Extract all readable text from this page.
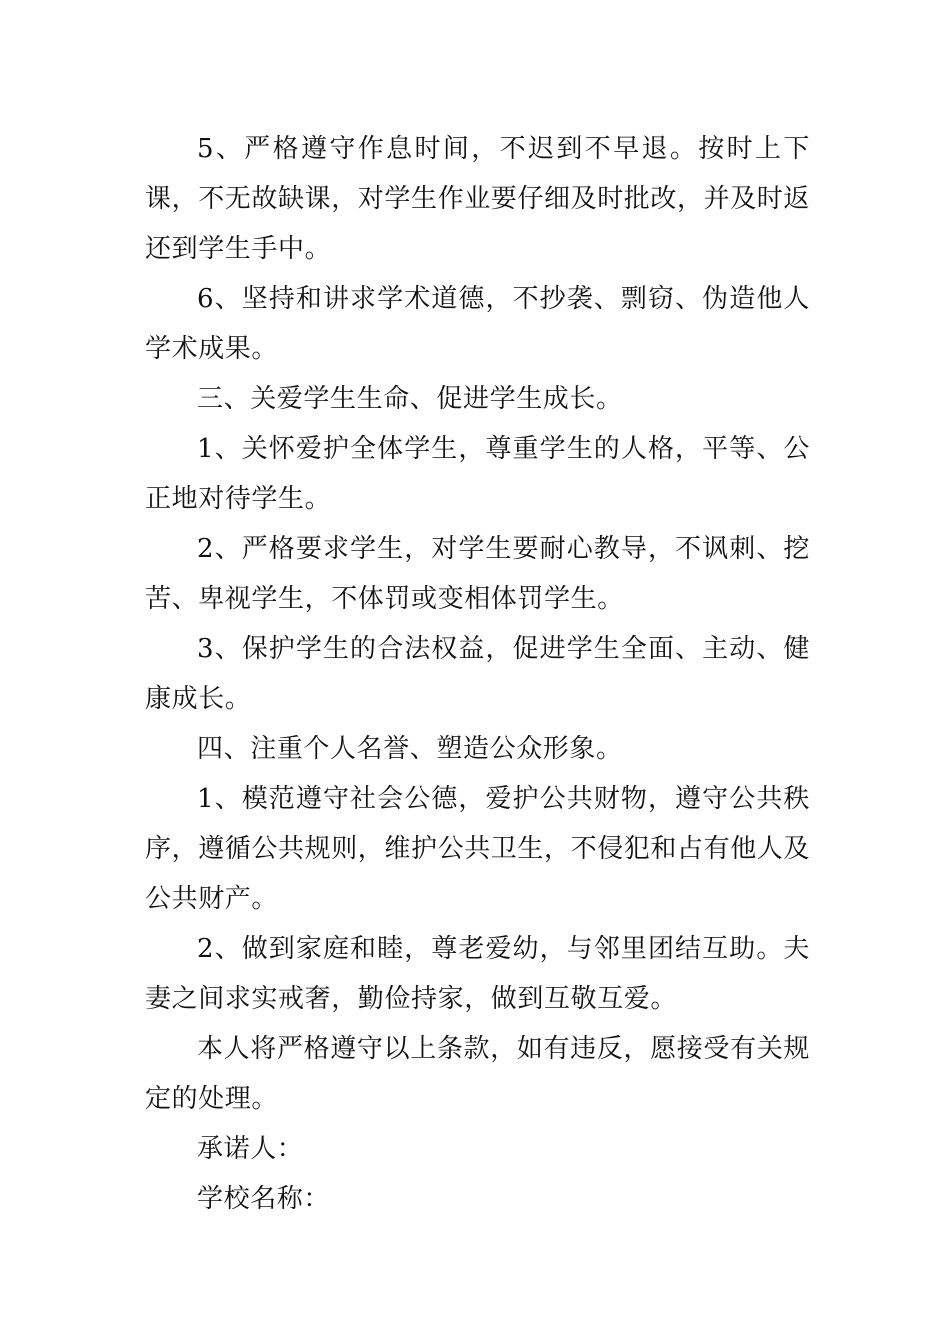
5、严格遵守作息时间，不迟到不早退。按时上下课，不无故缺课，对学生作业要仔细及时批改，并及时返还到学生手中。

6、坚持和讲求学术道德，不抄袭、剽窃、伪造他人学术成果。

三、关爱学生生命、促进学生成长。

1、关怀爱护全体学生，尊重学生的人格，平等、公正地对待学生。

2、严格要求学生，对学生要耐心教导，不讽刺、挖苦、卑视学生，不体罚或变相体罚学生。

3、保护学生的合法权益，促进学生全面、主动、健康成长。

四、注重个人名誉、塑造公众形象。

1、模范遵守社会公德，爱护公共财物，遵守公共秩序，遵循公共规则，维护公共卫生，不侵犯和占有他人及公共财产。

2、做到家庭和睦，尊老爱幼，与邻里团结互助。夫妻之间求实戒奢，勤俭持家，做到互敬互爱。

本人将严格遵守以上条款，如有违反，愿接受有关规定的处理。

承诺人：

学校名称：
